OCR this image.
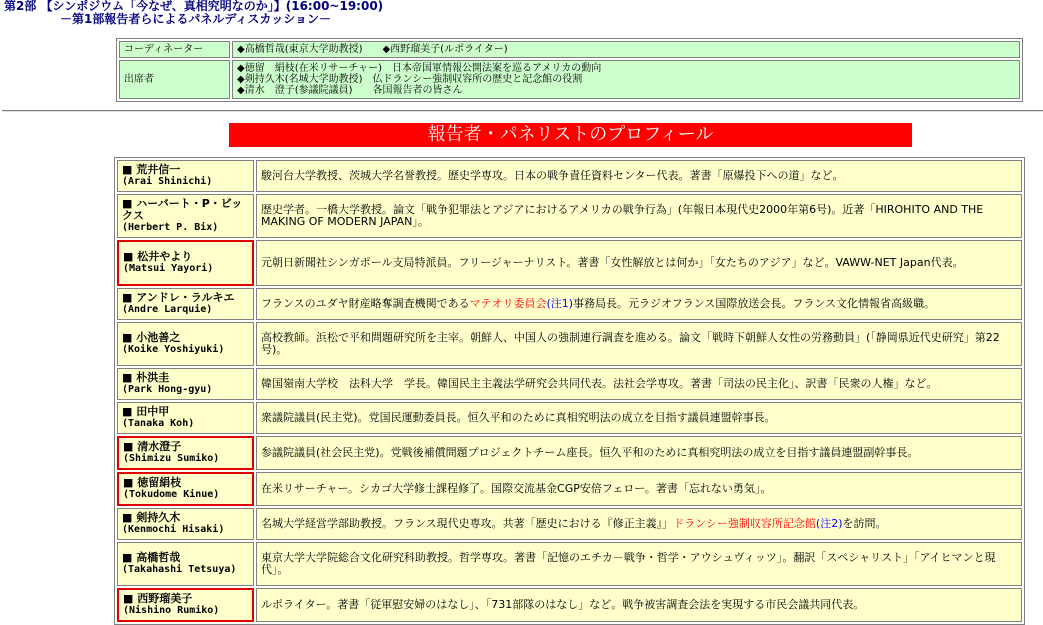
第2部 【シンポジウム「今なぜ、真相究明なのか」】(16:00~19:00)
－第1部報告者らによるパネルディスカッション－
コーディネーター	◆高橋哲哉(東京大学助教授)　　◆西野瑠美子(ルポライター)
出席者	◆徳留　絹枝(在米リサーチャー)　日本帝国軍情報公開法案を巡るアメリカの動向
◆剣持久木(名城大学助教授)　仏ドランシー強制収容所の歴史と記念館の役割
◆清水　澄子(参議院議員)　　各国報告者の皆さん
報告者・パネリストのプロフィール
■ 荒井信一
(Arai Shinichi)	駿河台大学教授、茨城大学名誉教授。歴史学専攻。日本の戦争責任資料センター代表。著書「原爆投下への道」など。

■ ハーバート・P・ビックス
(Herbert P. Bix)	歴史学者。一橋大学教授。論文「戦争犯罪法とアジアにおけるアメリカの戦争行為」(年報日本現代史2000年第6号)。近著「HIROHITO AND THE MAKING OF MODERN JAPAN」。

■ 松井やより
(Matsui Yayori)	元朝日新聞社シンガポール支局特派員。フリージャーナリスト。著書「女性解放とは何か」「女たちのアジア」など。VAWW-NET Japan代表。

■ アンドレ・ラルキエ
(Andre Larquie)	フランスのユダヤ財産略奪調査機関であるマテオリ委員会(注1)事務局長。元ラジオフランス国際放送会長。フランス文化情報省高級職。

■ 小池善之
(Koike Yoshiyuki)	高校教師。浜松で平和問題研究所を主宰。朝鮮人、中国人の強制連行調査を進める。論文「戦時下朝鮮人女性の労務動員」(「静岡県近代史研究」第22号)。

■ 朴洪圭
(Park Hong-gyu)	韓国嶺南大学校　法科大学　学長。韓国民主主義法学研究会共同代表。法社会学専攻。著書「司法の民主化」、訳書「民衆の人権」など。

■ 田中甲
(Tanaka Koh)	衆議院議員(民主党)。党国民運動委員長。恒久平和のために真相究明法の成立を目指す議員連盟幹事長。

■ 清水澄子
(Shimizu Sumiko)	参議院議員(社会民主党)。党戦後補償問題プロジェクトチーム座長。恒久平和のために真相究明法の成立を目指す議員連盟副幹事長。

■ 徳留絹枝
(Tokudome Kinue)	在米リサーチャー。シカゴ大学修士課程修了。国際交流基金CGP安倍フェロー。著書「忘れない勇気」。

■ 剣持久木
(Kenmochi Hisaki)	名城大学経営学部助教授。フランス現代史専攻。共著「歴史における『修正主義』」ドランシー強制収容所記念館(注2)を訪問。

■ 高橋哲哉
(Takahashi Tetsuya)	東京大学大学院総合文化研究科助教授。哲学専攻。著書「記憶のエチカ－戦争・哲学・アウシュヴィッツ」。翻訳「スペシャリスト」「アイヒマンと現代」。

■ 西野瑠美子
(Nishino Rumiko)	ルポライター。著書「従軍慰安婦のはなし」、「731部隊のはなし」など。戦争被害調査会法を実現する市民会議共同代表。
